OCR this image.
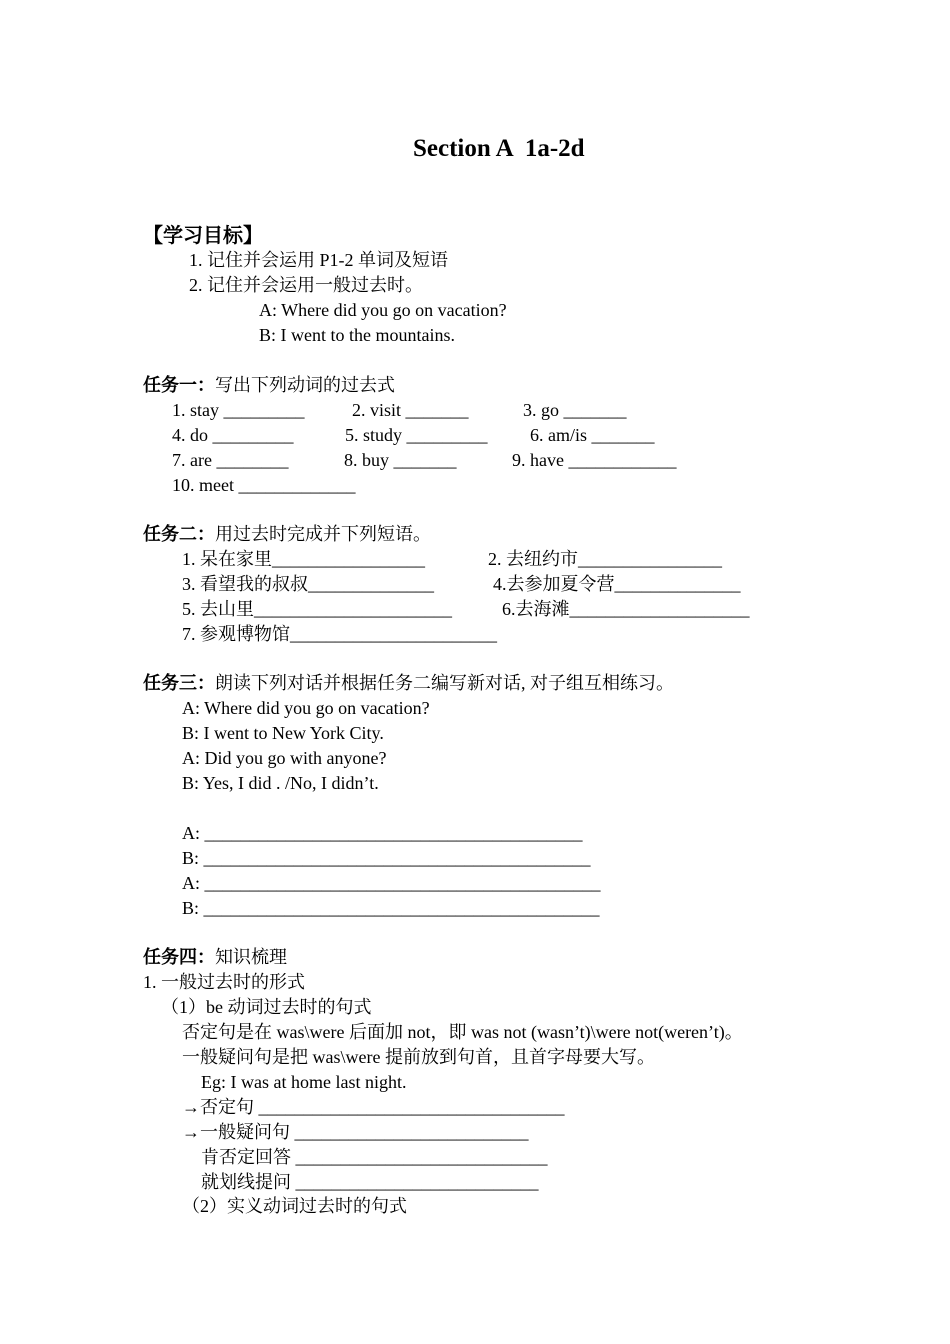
Section A  1a-2d
【学习目标】
1. 记住并会运用 P1-2 单词及短语
2. 记住并会运用一般过去时。
A: Where did you go on vacation?
B: I went to the mountains.
任务一：写出下列动词的过去式
1. stay _________	2. visit _______	3. go _______
4. do _________	5. study _________ 6. am/is _______
7. are ________	8. buy _______	9. have ____________
10. meet _____________
任务二：用过去时完成并下列短语。
1. 呆在家里_________________	2. 去纽约市________________
3. 看望我的叔叔______________	4.去参加夏令营______________
5. 去山里______________________	6.去海滩____________________
7. 参观博物馆_______________________
任务三：朗读下列对话并根据任务二编写新对话, 对子组互相练习。
A: Where did you go on vacation?
B: I went to New York City.
A: Did you go with anyone?
B: Yes, I did . /No, I didn’t.
A: __________________________________________
B: ___________________________________________
A: ____________________________________________
B: ____________________________________________
任务四：知识梳理
1. 一般过去时的形式
（1）be 动词过去时的句式
否定句是在 was\were 后面加 not，即 was not (wasn’t)\were not(weren’t)。
一般疑问句是把 was\were 提前放到句首，且首字母要大写。
Eg: I was at home last night.
→否定句 __________________________________
→一般疑问句 __________________________
肯否定回答 ____________________________
就划线提问 ___________________________
（2）实义动词过去时的句式
